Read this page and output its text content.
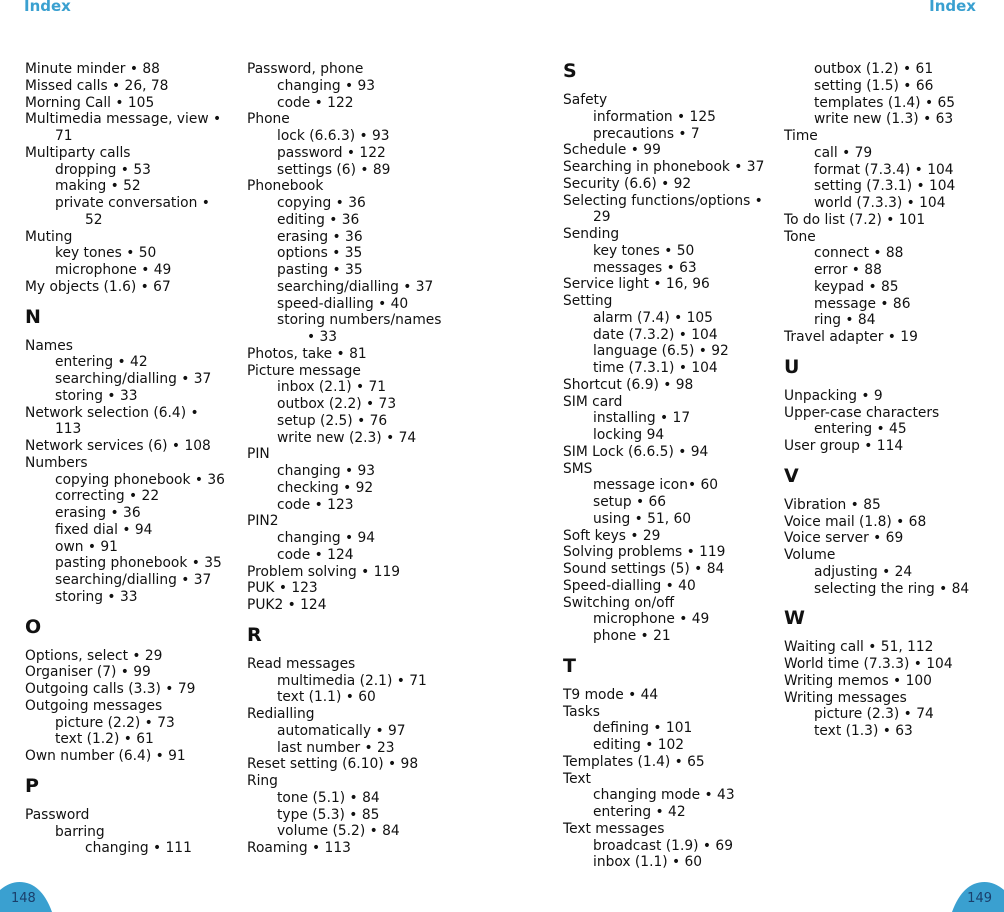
Index	Index
Minute minder • 88
Missed calls • 26, 78
Morning Call • 105
Multimedia message, view •
71
Multiparty calls
dropping • 53
making • 52
private conversation •
52
Muting
key tones • 50
microphone • 49
My objects (1.6) • 67
N
Names
entering • 42
searching/dialling • 37
storing • 33
Network selection (6.4) •
113
Network services (6) • 108
Numbers
copying phonebook • 36
correcting • 22
erasing • 36
fixed dial • 94
own • 91
pasting phonebook • 35
searching/dialling • 37
storing • 33
O
Options, select • 29
Organiser (7) • 99
Outgoing calls (3.3) • 79
Outgoing messages
picture (2.2) • 73
text (1.2) • 61
Own number (6.4) • 91
P
Password
barring
changing • 111
Password, phone
changing • 93
code • 122
Phone
lock (6.6.3) • 93
password • 122
settings (6) • 89
Phonebook
copying • 36
editing • 36
erasing • 36
options • 35
pasting • 35
searching/dialling • 37
speed-dialling • 40
storing numbers/names
• 33
Photos, take • 81
Picture message
inbox (2.1) • 71
outbox (2.2) • 73
setup (2.5) • 76
write new (2.3) • 74
PIN
changing • 93
checking • 92
code • 123
PIN2
changing • 94
code • 124
Problem solving • 119
PUK • 123
PUK2 • 124
R
Read messages
multimedia (2.1) • 71
text (1.1) • 60
Redialling
automatically • 97
last number • 23
Reset setting (6.10) • 98
Ring
tone (5.1) • 84
type (5.3) • 85
volume (5.2) • 84
Roaming • 113
S
Safety
information • 125
precautions • 7
Schedule • 99
Searching in phonebook • 37
Security (6.6) • 92
Selecting functions/options •
29
Sending
key tones • 50
messages • 63
Service light • 16, 96
Setting
alarm (7.4) • 105
date (7.3.2) • 104
language (6.5) • 92
time (7.3.1) • 104
Shortcut (6.9) • 98
SIM card
installing • 17
locking 94
SIM Lock (6.6.5) • 94
SMS
message icon• 60
setup • 66
using • 51, 60
Soft keys • 29
Solving problems • 119
Sound settings (5) • 84
Speed-dialling • 40
Switching on/off
microphone • 49
phone • 21
T
T9 mode • 44
Tasks
defining • 101
editing • 102
Templates (1.4) • 65
Text
changing mode • 43
entering • 42
Text messages
broadcast (1.9) • 69
inbox (1.1) • 60
outbox (1.2) • 61
setting (1.5) • 66
templates (1.4) • 65
write new (1.3) • 63
Time
call • 79
format (7.3.4) • 104
setting (7.3.1) • 104
world (7.3.3) • 104
To do list (7.2) • 101
Tone
connect • 88
error • 88
keypad • 85
message • 86
ring • 84
Travel adapter • 19
U
Unpacking • 9
Upper-case characters
entering • 45
User group • 114
V
Vibration • 85
Voice mail (1.8) • 68
Voice server • 69
Volume
adjusting • 24
selecting the ring • 84
W
Waiting call • 51, 112
World time (7.3.3) • 104
Writing memos • 100
Writing messages
picture (2.3) • 74
text (1.3) • 63
148	149
